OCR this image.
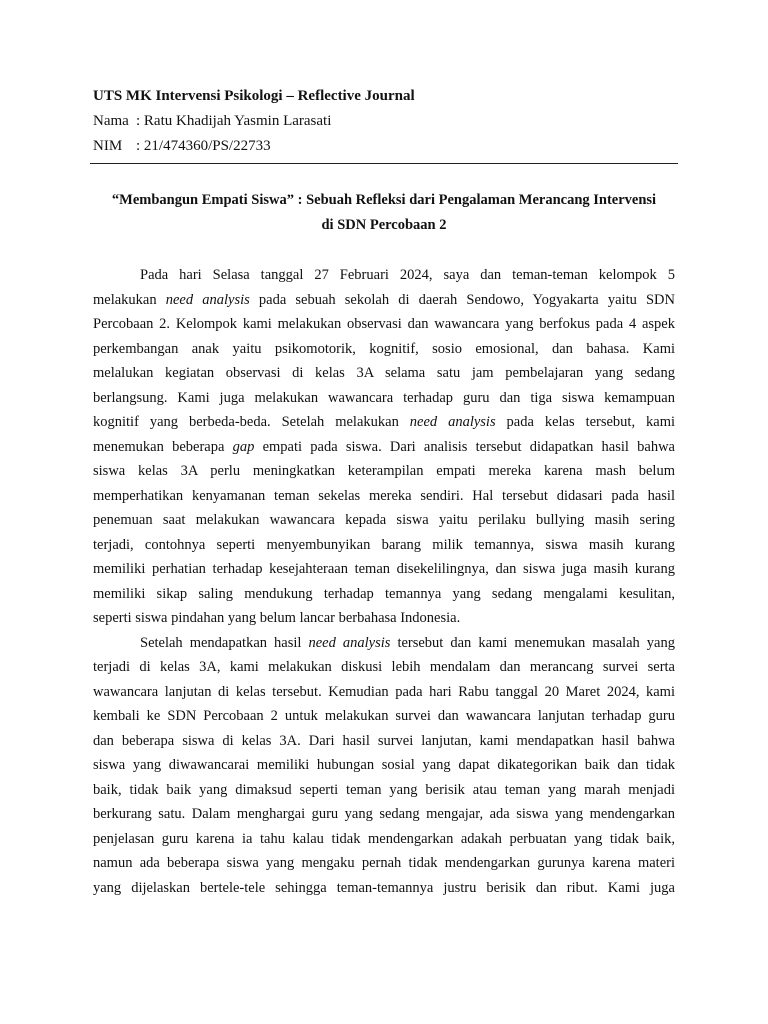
UTS MK Intervensi Psikologi – Reflective Journal
Nama : Ratu Khadijah Yasmin Larasati
NIM : 21/474360/PS/22733
“Membangun Empati Siswa” : Sebuah Refleksi dari Pengalaman Merancang Intervensi
di SDN Percobaan 2
Pada hari Selasa tanggal 27 Februari 2024, saya dan teman-teman kelompok 5
melakukan need analysis pada sebuah sekolah di daerah Sendowo, Yogyakarta yaitu SDN
Percobaan 2. Kelompok kami melakukan observasi dan wawancara yang berfokus pada 4 aspek
perkembangan anak yaitu psikomotorik, kognitif, sosio emosional, dan bahasa. Kami
melalukan kegiatan observasi di kelas 3A selama satu jam pembelajaran yang sedang
berlangsung. Kami juga melakukan wawancara terhadap guru dan tiga siswa kemampuan
kognitif yang berbeda-beda. Setelah melakukan need analysis pada kelas tersebut, kami
menemukan beberapa gap empati pada siswa. Dari analisis tersebut didapatkan hasil bahwa
siswa kelas 3A perlu meningkatkan keterampilan empati mereka karena mash belum
memperhatikan kenyamanan teman sekelas mereka sendiri. Hal tersebut didasari pada hasil
penemuan saat melakukan wawancara kepada siswa yaitu perilaku bullying masih sering
terjadi, contohnya seperti menyembunyikan barang milik temannya, siswa masih kurang
memiliki perhatian terhadap kesejahteraan teman disekelilingnya, dan siswa juga masih kurang
memiliki sikap saling mendukung terhadap temannya yang sedang mengalami kesulitan,
seperti siswa pindahan yang belum lancar berbahasa Indonesia.
Setelah mendapatkan hasil need analysis tersebut dan kami menemukan masalah yang
terjadi di kelas 3A, kami melakukan diskusi lebih mendalam dan merancang survei serta
wawancara lanjutan di kelas tersebut. Kemudian pada hari Rabu tanggal 20 Maret 2024, kami
kembali ke SDN Percobaan 2 untuk melakukan survei dan wawancara lanjutan terhadap guru
dan beberapa siswa di kelas 3A. Dari hasil survei lanjutan, kami mendapatkan hasil bahwa
siswa yang diwawancarai memiliki hubungan sosial yang dapat dikategorikan baik dan tidak
baik, tidak baik yang dimaksud seperti teman yang berisik atau teman yang marah menjadi
berkurang satu. Dalam menghargai guru yang sedang mengajar, ada siswa yang mendengarkan
penjelasan guru karena ia tahu kalau tidak mendengarkan adakah perbuatan yang tidak baik,
namun ada beberapa siswa yang mengaku pernah tidak mendengarkan gurunya karena materi
yang dijelaskan bertele-tele sehingga teman-temannya justru berisik dan ribut. Kami juga
